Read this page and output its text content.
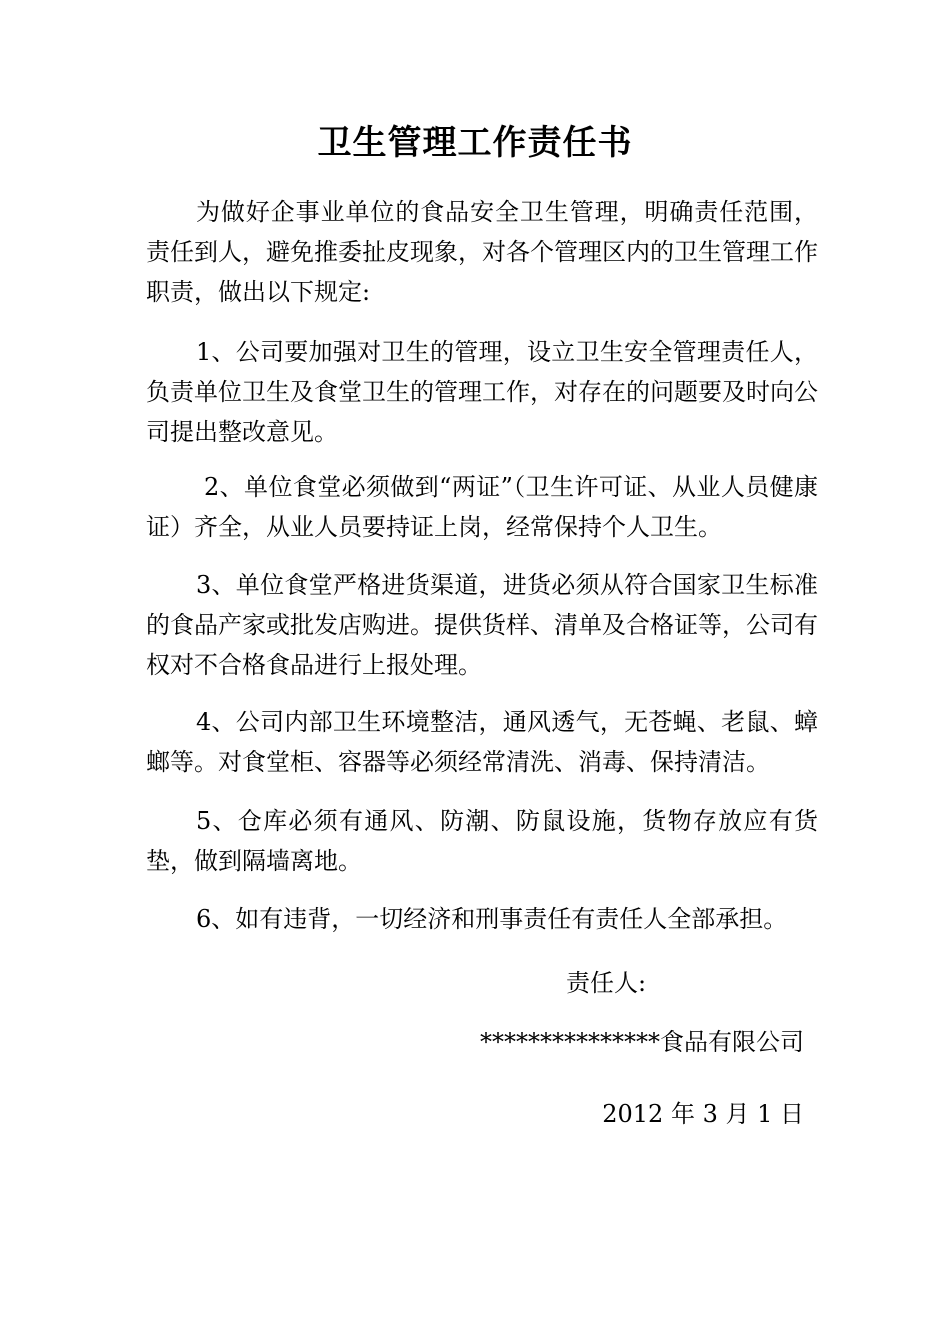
卫生管理工作责任书

为做好企事业单位的食品安全卫生管理，明确责任范围，责任到人，避免推委扯皮现象，对各个管理区内的卫生管理工作职责，做出以下规定:

1、公司要加强对卫生的管理，设立卫生安全管理责任人，负责单位卫生及食堂卫生的管理工作，对存在的问题要及时向公司提出整改意见。

2、单位食堂必须做到“两证”（卫生许可证、从业人员健康证）齐全，从业人员要持证上岗，经常保持个人卫生。

3、单位食堂严格进货渠道，进货必须从符合国家卫生标准的食品产家或批发店购进。提供货样、清单及合格证等，公司有权对不合格食品进行上报处理。

4、公司内部卫生环境整洁，通风透气，无苍蝇、老鼠、蟑螂等。对食堂柜、容器等必须经常清洗、消毒、保持清洁。

5、仓库必须有通风、防潮、防鼠设施，货物存放应有货垫，做到隔墙离地。

6、如有违背，一切经济和刑事责任有责任人全部承担。

责任人:
***************食品有限公司
2012 年 3 月 1 日
